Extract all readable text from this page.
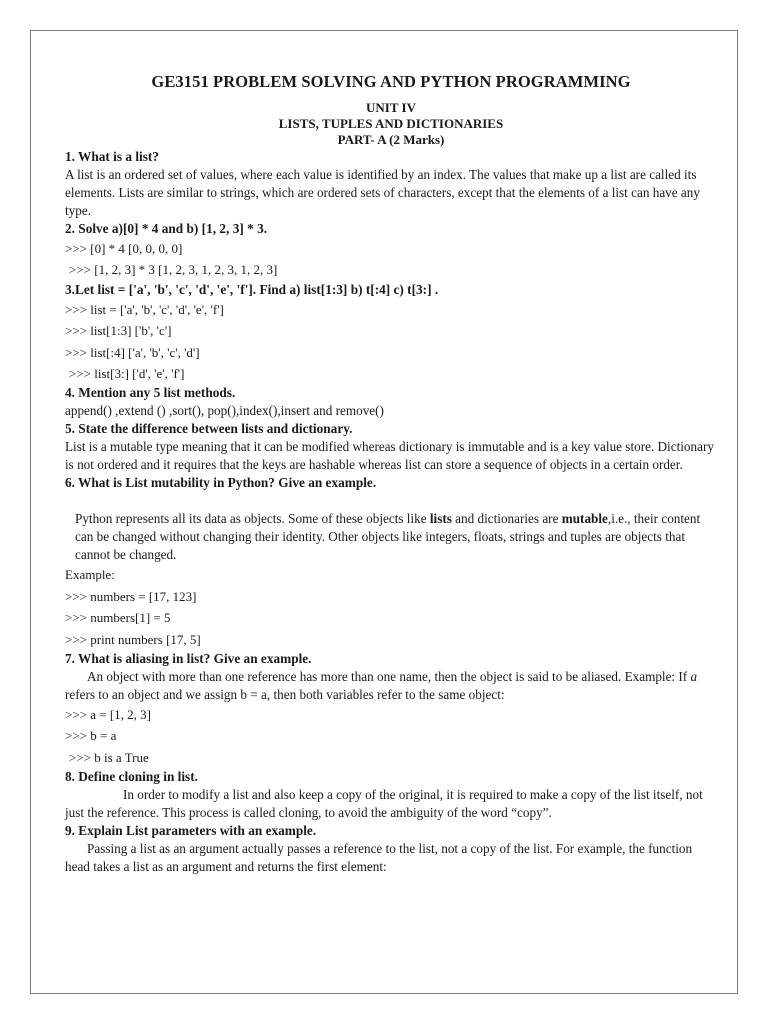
GE3151 PROBLEM SOLVING AND PYTHON PROGRAMMING

UNIT IV

LISTS, TUPLES AND DICTIONARIES

PART- A (2 Marks)

1. What is a list?

A list is an ordered set of values, where each value is identified by an index. The values that make up a list are called its elements. Lists are similar to strings, which are ordered sets of characters, except that the elements of a list can have any type.

2. Solve a)[0] * 4 and b) [1, 2, 3] * 3.

>>> [0] * 4 [0, 0, 0, 0]

>>> [1, 2, 3] * 3 [1, 2, 3, 1, 2, 3, 1, 2, 3]

3.Let list = ['a', 'b', 'c', 'd', 'e', 'f']. Find a) list[1:3] b) t[:4] c) t[3:] .

>>> list = ['a', 'b', 'c', 'd', 'e', 'f']

>>> list[1:3] ['b', 'c']

>>> list[:4] ['a', 'b', 'c', 'd']

>>> list[3:] ['d', 'e', 'f']

4. Mention any 5 list methods.

append() ,extend () ,sort(), pop(),index(),insert and remove()

5. State the difference between lists and dictionary.

List is a mutable type meaning that it can be modified whereas dictionary is immutable and is a key value store. Dictionary is not ordered and it requires that the keys are hashable whereas list can store a sequence of objects in a certain order.

6. What is List mutability in Python? Give an example.

Python represents all its data as objects. Some of these objects like lists and dictionaries are mutable,i.e., their content can be changed without changing their identity. Other objects like integers, floats, strings and tuples are objects that cannot be changed.

Example:

>>> numbers = [17, 123]

>>> numbers[1] = 5

>>> print numbers [17, 5]

7. What is aliasing in list? Give an example.

An object with more than one reference has more than one name, then the object is said to be aliased. Example: If a refers to an object and we assign b = a, then both variables refer to the same object:

>>> a = [1, 2, 3]

>>> b = a

>>> b is a True

8. Define cloning in list.

In order to modify a list and also keep a copy of the original, it is required to make a copy of the list itself, not just the reference. This process is called cloning, to avoid the ambiguity of the word “copy”.

9. Explain List parameters with an example.

Passing a list as an argument actually passes a reference to the list, not a copy of the list. For example, the function head takes a list as an argument and returns the first element:
